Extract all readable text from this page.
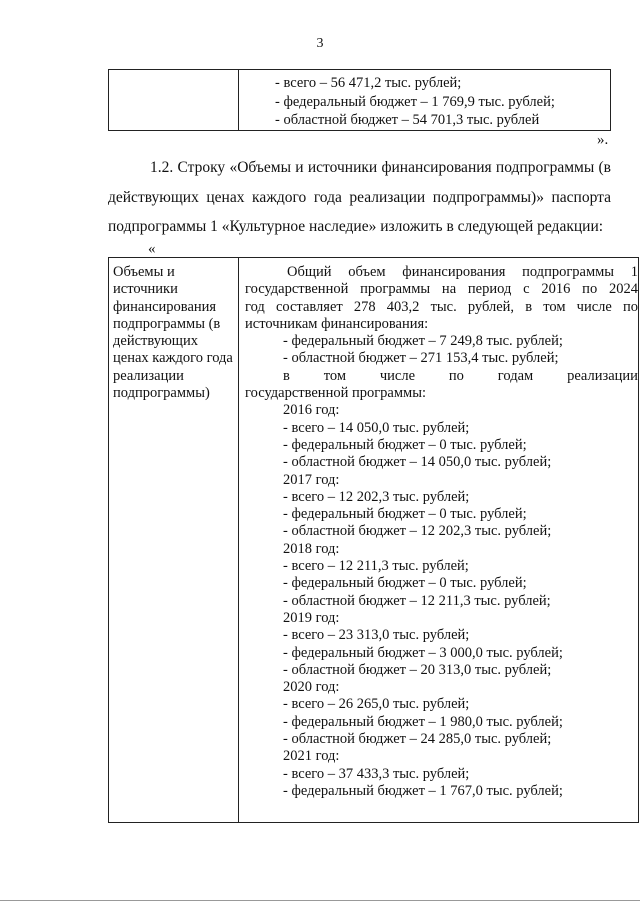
3
- всего – 56 471,2 тыс. рублей;
- федеральный бюджет – 1 769,9 тыс. рублей;
- областной бюджет – 54 701,3 тыс. рублей
».
1.2. Строку «Объемы и источники финансирования подпрограммы (в действующих ценах каждого года реализации подпрограммы)» паспорта подпрограммы 1 «Культурное наследие» изложить в следующей редакции:
«
Объемы и
источники
финансирования
подпрограммы (в
действующих
ценах каждого года
реализации
подпрограммы)
Общий объем финансирования подпрограммы 1
государственной программы на период с 2016 по 2024
год составляет 278 403,2 тыс. рублей, в том числе по
источникам финансирования:
- федеральный бюджет – 7 249,8 тыс. рублей;
- областной бюджет – 271 153,4 тыс. рублей;
в том числе по годам реализации
государственной программы:
2016 год:
- всего – 14 050,0 тыс. рублей;
- федеральный бюджет – 0 тыс. рублей;
- областной бюджет – 14 050,0 тыс. рублей;
2017 год:
- всего – 12 202,3 тыс. рублей;
- федеральный бюджет – 0 тыс. рублей;
- областной бюджет – 12 202,3 тыс. рублей;
2018 год:
- всего – 12 211,3 тыс. рублей;
- федеральный бюджет – 0 тыс. рублей;
- областной бюджет – 12 211,3 тыс. рублей;
2019 год:
- всего – 23 313,0 тыс. рублей;
- федеральный бюджет – 3 000,0 тыс. рублей;
- областной бюджет – 20 313,0 тыс. рублей;
2020 год:
- всего – 26 265,0 тыс. рублей;
- федеральный бюджет – 1 980,0 тыс. рублей;
- областной бюджет – 24 285,0 тыс. рублей;
2021 год:
- всего – 37 433,3 тыс. рублей;
- федеральный бюджет – 1 767,0 тыс. рублей;
